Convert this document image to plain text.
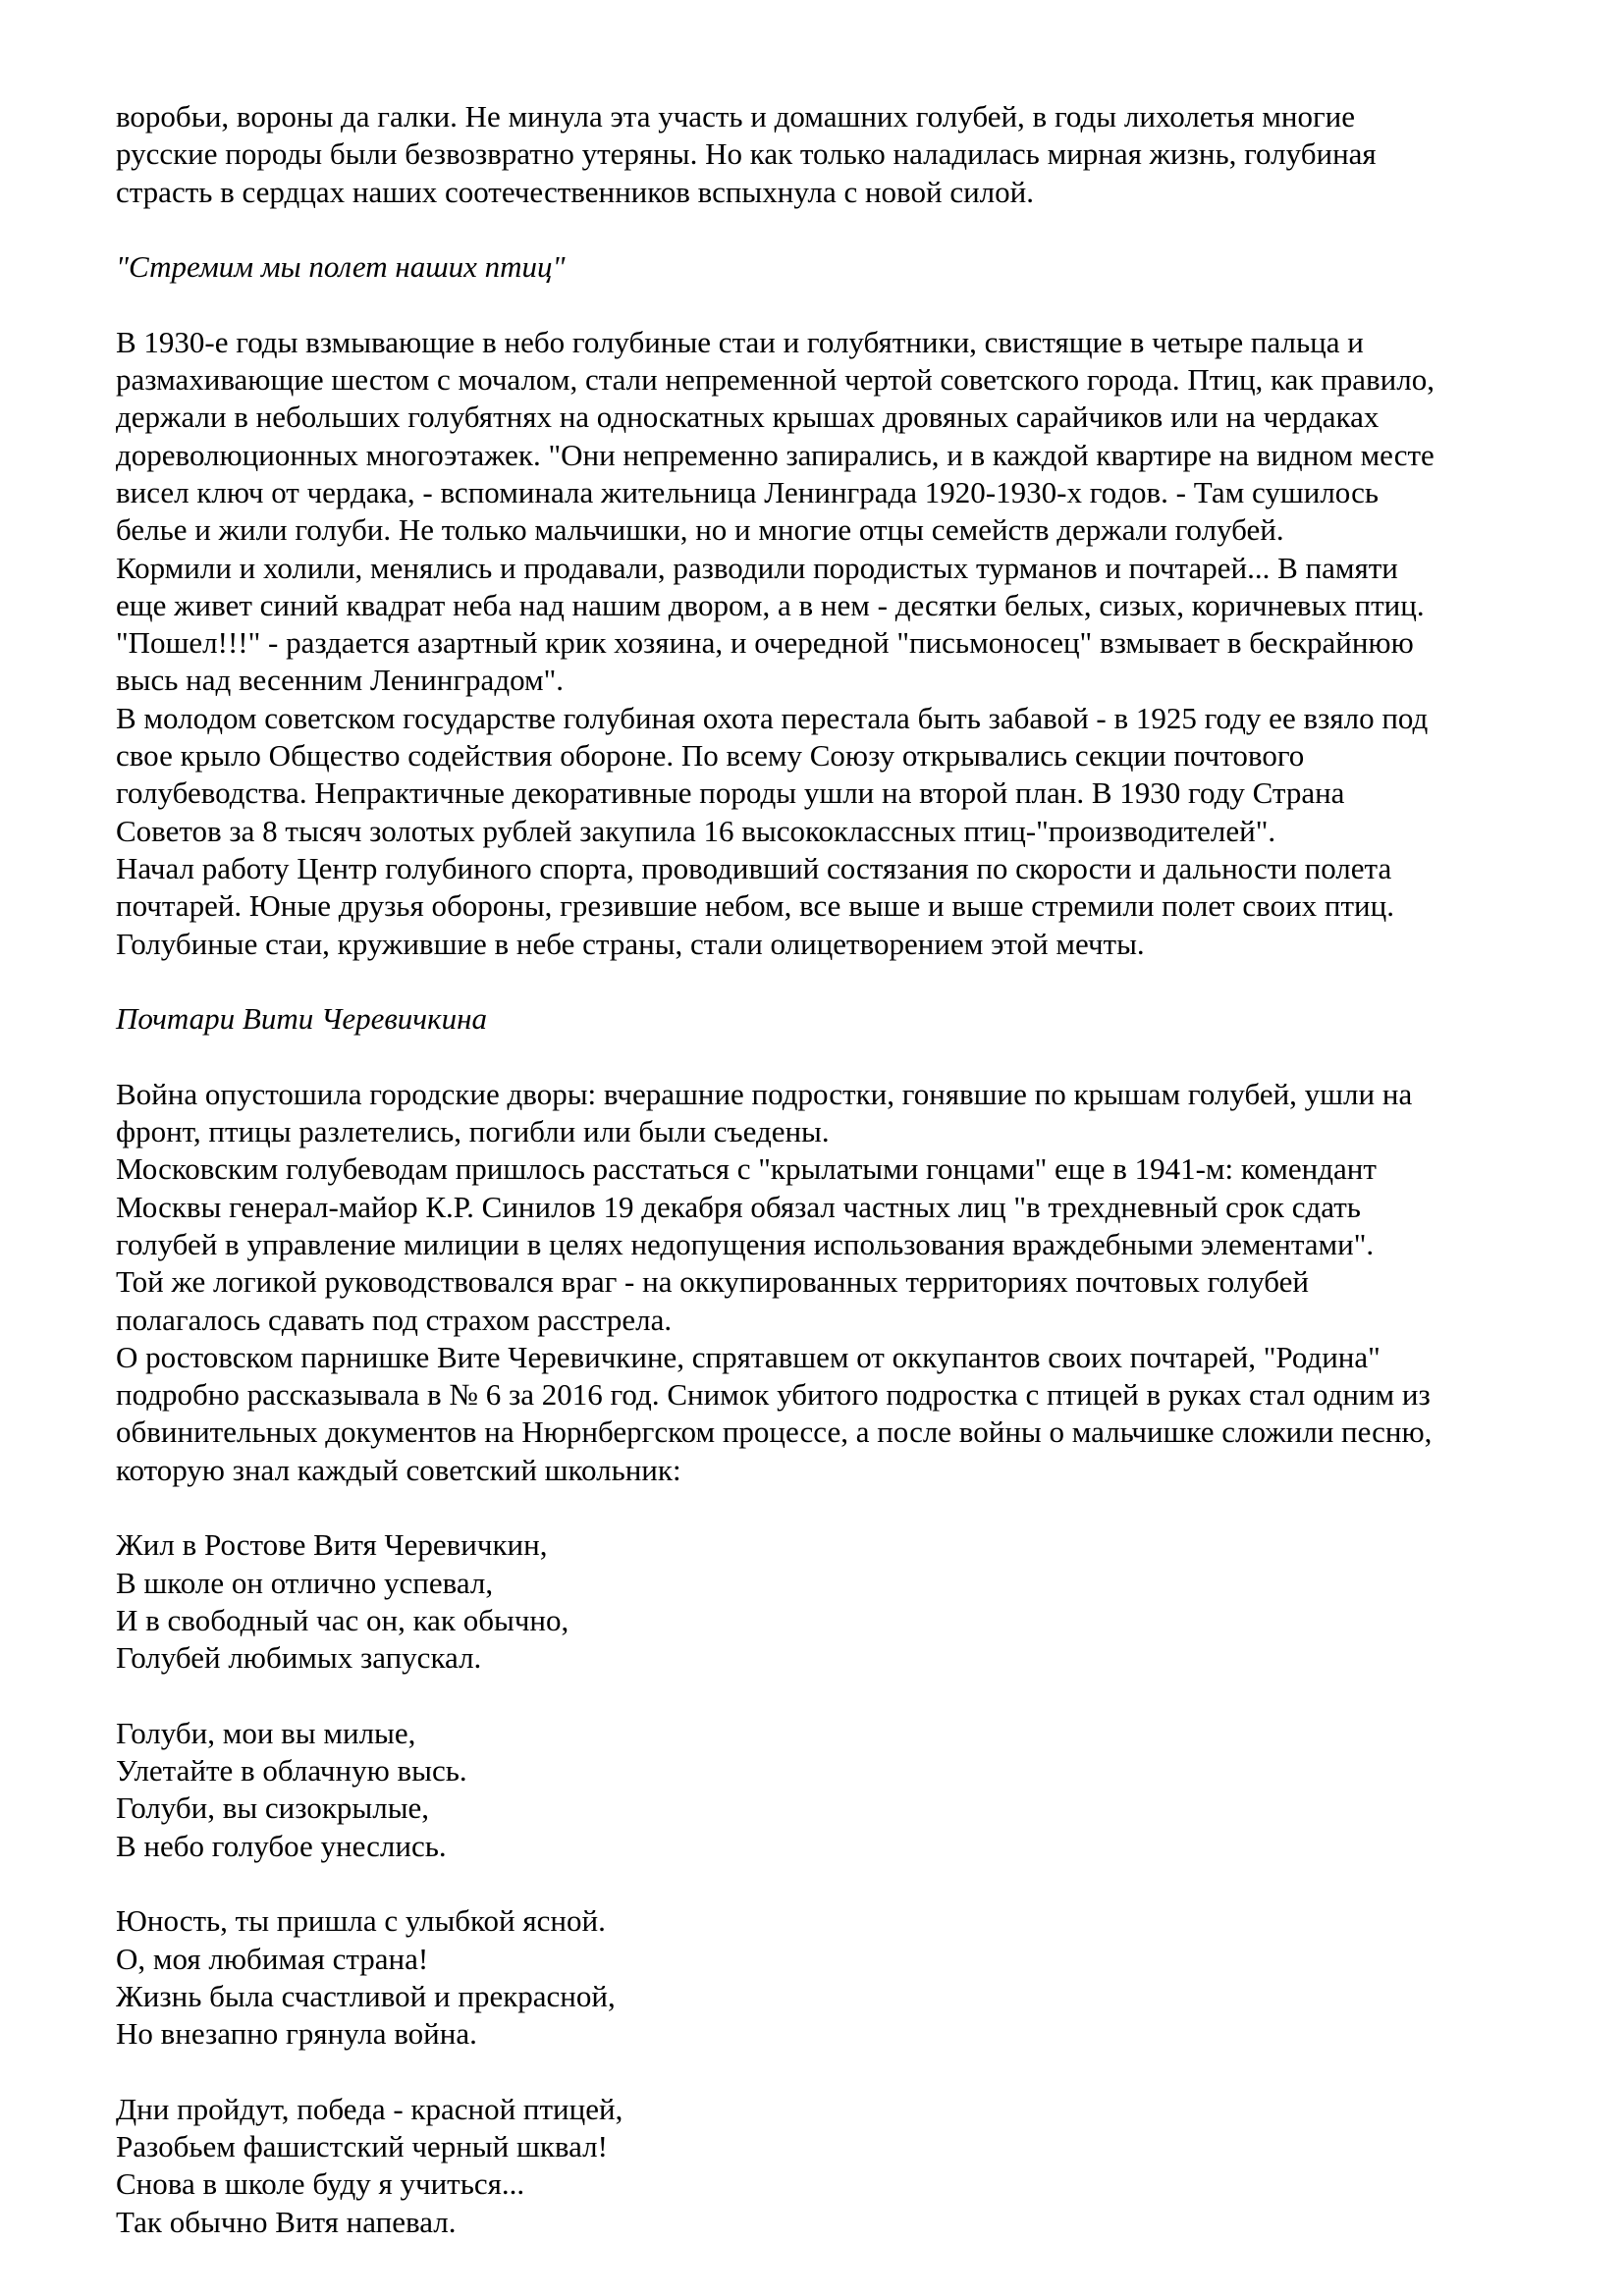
воробьи, вороны да галки. Не минула эта участь и домашних голубей, в годы лихолетья многие
русские породы были безвозвратно утеряны. Но как только наладилась мирная жизнь, голубиная
страсть в сердцах наших соотечественников вспыхнула с новой силой.
"Стремим мы полет наших птиц"
В 1930-е годы взмывающие в небо голубиные стаи и голубятники, свистящие в четыре пальца и
размахивающие шестом с мочалом, стали непременной чертой советского города. Птиц, как правило,
держали в небольших голубятнях на односкатных крышах дровяных сарайчиков или на чердаках
дореволюционных многоэтажек. "Они непременно запирались, и в каждой квартире на видном месте
висел ключ от чердака, - вспоминала жительница Ленинграда 1920-1930-х годов. - Там сушилось
белье и жили голуби. Не только мальчишки, но и многие отцы семейств держали голубей.
Кормили и холили, менялись и продавали, разводили породистых турманов и почтарей... В памяти
еще живет синий квадрат неба над нашим двором, а в нем - десятки белых, сизых, коричневых птиц.
"Пошел!!!" - раздается азартный крик хозяина, и очередной "письмоносец" взмывает в бескрайнюю
высь над весенним Ленинградом".
В молодом советском государстве голубиная охота перестала быть забавой - в 1925 году ее взяло под
свое крыло Общество содействия обороне. По всему Союзу открывались секции почтового
голубеводства. Непрактичные декоративные породы ушли на второй план. В 1930 году Страна
Советов за 8 тысяч золотых рублей закупила 16 высококлассных птиц-"производителей".
Начал работу Центр голубиного спорта, проводивший состязания по скорости и дальности полета
почтарей. Юные друзья обороны, грезившие небом, все выше и выше стремили полет своих птиц.
Голубиные стаи, кружившие в небе страны, стали олицетворением этой мечты.
Почтари Вити Черевичкина
Война опустошила городские дворы: вчерашние подростки, гонявшие по крышам голубей, ушли на
фронт, птицы разлетелись, погибли или были съедены.
Московским голубеводам пришлось расстаться с "крылатыми гонцами" еще в 1941-м: комендант
Москвы генерал-майор К.Р. Синилов 19 декабря обязал частных лиц "в трехдневный срок сдать
голубей в управление милиции в целях недопущения использования враждебными элементами".
Той же логикой руководствовался враг - на оккупированных территориях почтовых голубей
полагалось сдавать под страхом расстрела.
О ростовском парнишке Вите Черевичкине, спрятавшем от оккупантов своих почтарей, "Родина"
подробно рассказывала в № 6 за 2016 год. Снимок убитого подростка с птицей в руках стал одним из
обвинительных документов на Нюрнбергском процессе, а после войны о мальчишке сложили песню,
которую знал каждый советский школьник:
Жил в Ростове Витя Черевичкин,
В школе он отлично успевал,
И в свободный час он, как обычно,
Голубей любимых запускал.
Голуби, мои вы милые,
Улетайте в облачную высь.
Голуби, вы сизокрылые,
В небо голубое унеслись.
Юность, ты пришла с улыбкой ясной.
О, моя любимая страна!
Жизнь была счастливой и прекрасной,
Но внезапно грянула война.
Дни пройдут, победа - красной птицей,
Разобьем фашистский черный шквал!
Снова в школе буду я учиться...
Так обычно Витя напевал.
